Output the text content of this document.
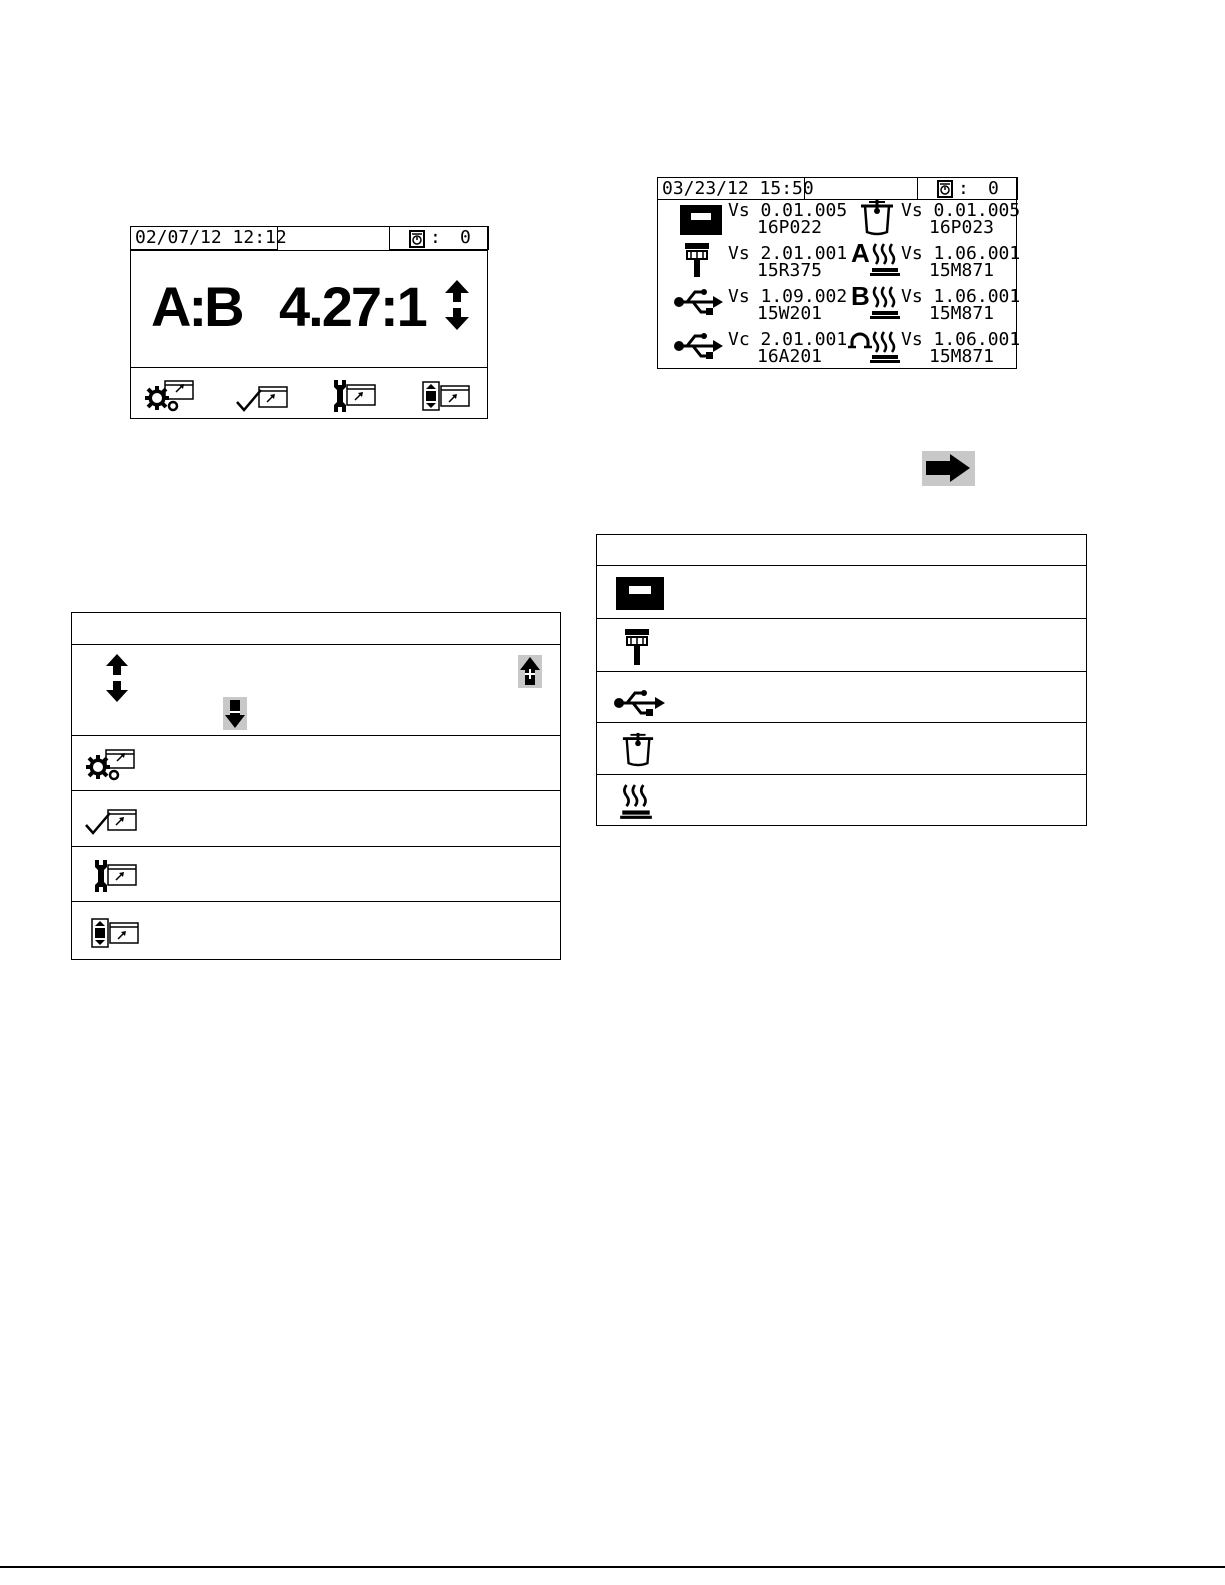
02/07/12 12:12	: 0
A:B 4.27:1
03/23/12 15:50	: 0
Vs 0.01.005
16P022
Vs 0.01.005
16P023
Vs 2.01.001
15R375
A Vs 1.06.001
15M871
Vs 1.09.002
15W201
B Vs 1.06.001
15M871
Vc 2.01.001
16A201
Vs 1.06.001
15M871
